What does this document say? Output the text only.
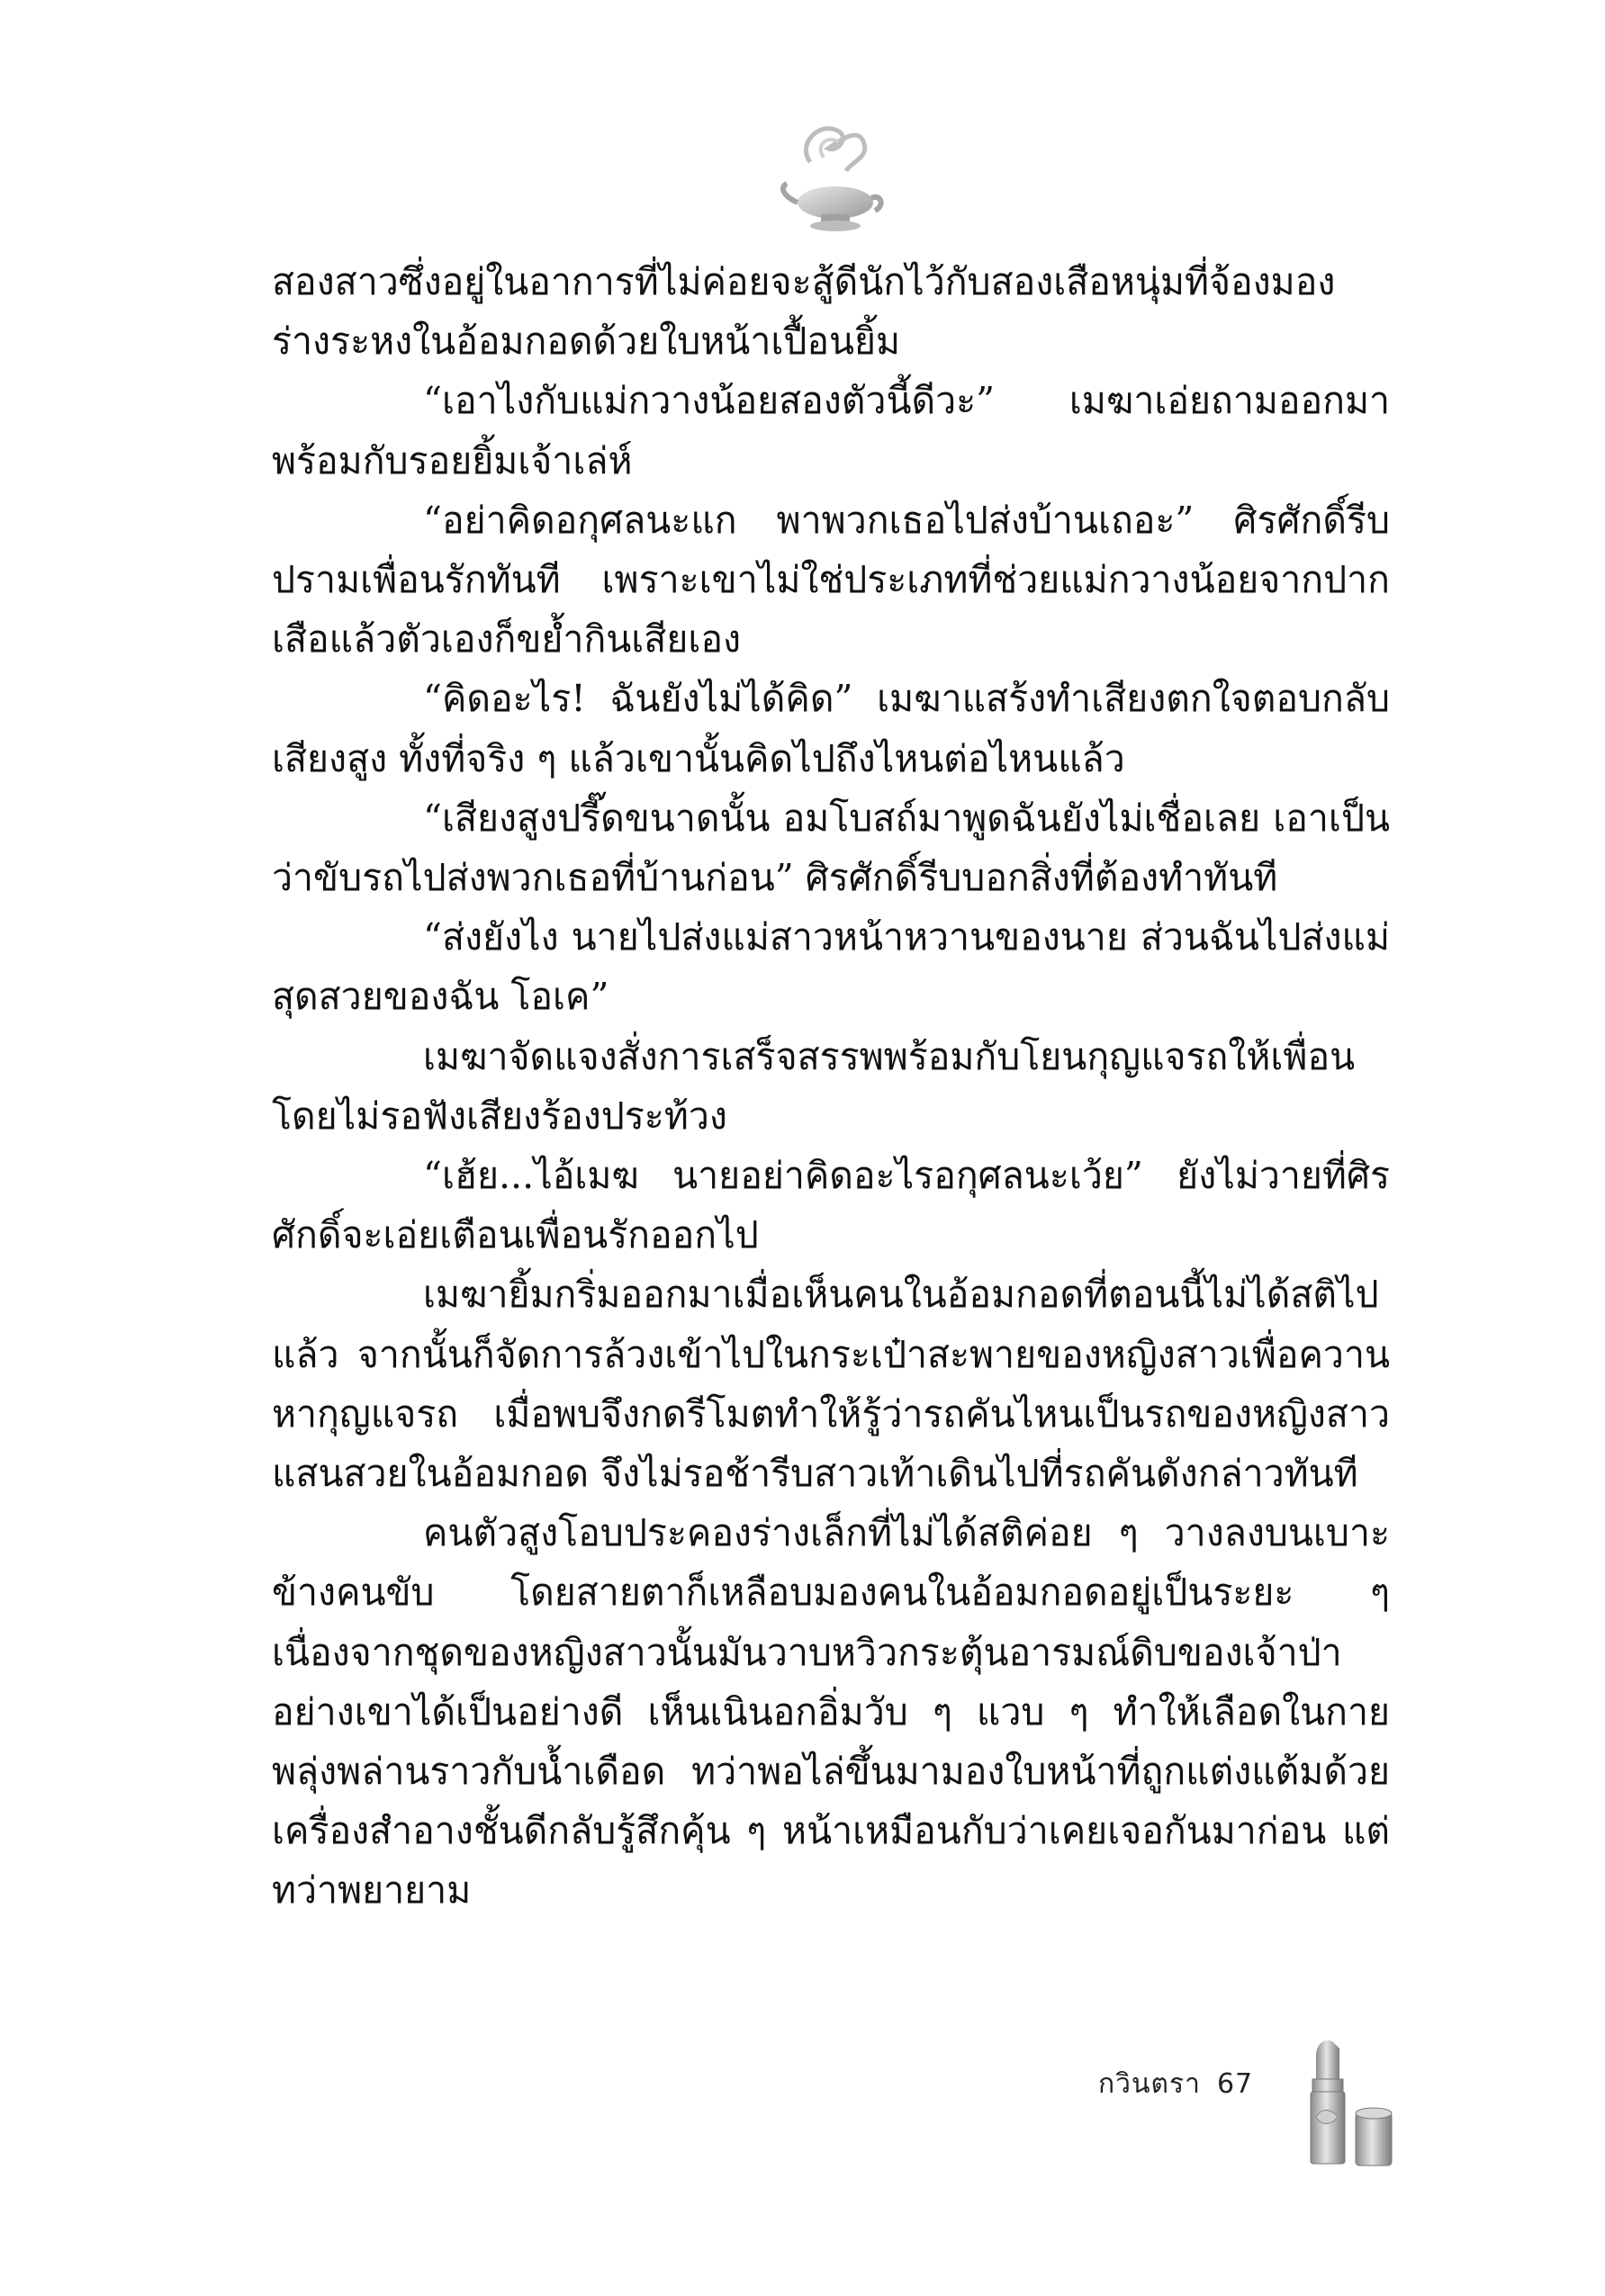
สองสาวซึ่งอยู่ในอาการที่ไม่ค่อยจะสู้ดีนักไว้กับสองเสือหนุ่มที่จ้องมองร่างระหงในอ้อมกอดด้วยใบหน้าเปื้อนยิ้ม

“เอาไงกับแม่กวางน้อยสองตัวนี้ดีวะ” เมฆาเอ่ยถามออกมาพร้อมกับรอยยิ้มเจ้าเล่ห์

“อย่าคิดอกุศลนะแก พาพวกเธอไปส่งบ้านเถอะ” ศิรศักดิ์รีบปรามเพื่อนรักทันที เพราะเขาไม่ใช่ประเภทที่ช่วยแม่กวางน้อยจากปากเสือแล้วตัวเองก็ขย้ำกินเสียเอง

“คิดอะไร! ฉันยังไม่ได้คิด” เมฆาแสร้งทำเสียงตกใจตอบกลับเสียงสูง ทั้งที่จริง ๆ แล้วเขานั้นคิดไปถึงไหนต่อไหนแล้ว

“เสียงสูงปรี๊ดขนาดนั้น อมโบสถ์มาพูดฉันยังไม่เชื่อเลย เอาเป็นว่าขับรถไปส่งพวกเธอที่บ้านก่อน” ศิรศักดิ์รีบบอกสิ่งที่ต้องทำทันที

“ส่งยังไง นายไปส่งแม่สาวหน้าหวานของนาย ส่วนฉันไปส่งแม่สุดสวยของฉัน โอเค”

เมฆาจัดแจงสั่งการเสร็จสรรพพร้อมกับโยนกุญแจรถให้เพื่อนโดยไม่รอฟังเสียงร้องประท้วง

“เฮ้ย...ไอ้เมฆ นายอย่าคิดอะไรอกุศลนะเว้ย” ยังไม่วายที่ศิรศักดิ์จะเอ่ยเตือนเพื่อนรักออกไป

เมฆายิ้มกริ่มออกมาเมื่อเห็นคนในอ้อมกอดที่ตอนนี้ไม่ได้สติไปแล้ว จากนั้นก็จัดการล้วงเข้าไปในกระเป๋าสะพายของหญิงสาวเพื่อควานหากุญแจรถ เมื่อพบจึงกดรีโมตทำให้รู้ว่ารถคันไหนเป็นรถของหญิงสาวแสนสวยในอ้อมกอด จึงไม่รอช้ารีบสาวเท้าเดินไปที่รถคันดังกล่าวทันที

คนตัวสูงโอบประคองร่างเล็กที่ไม่ได้สติค่อย ๆ วางลงบนเบาะข้างคนขับ โดยสายตาก็เหลือบมองคนในอ้อมกอดอยู่เป็นระยะ ๆ เนื่องจากชุดของหญิงสาวนั้นมันวาบหวิวกระตุ้นอารมณ์ดิบของเจ้าป่าอย่างเขาได้เป็นอย่างดี เห็นเนินอกอิ่มวับ ๆ แวบ ๆ ทำให้เลือดในกายพลุ่งพล่านราวกับน้ำเดือด ทว่าพอไล่ขึ้นมามองใบหน้าที่ถูกแต่งแต้มด้วยเครื่องสำอางชั้นดีกลับรู้สึกคุ้น ๆ หน้าเหมือนกับว่าเคยเจอกันมาก่อน แต่ทว่าพยายาม

กวินตรา 67
